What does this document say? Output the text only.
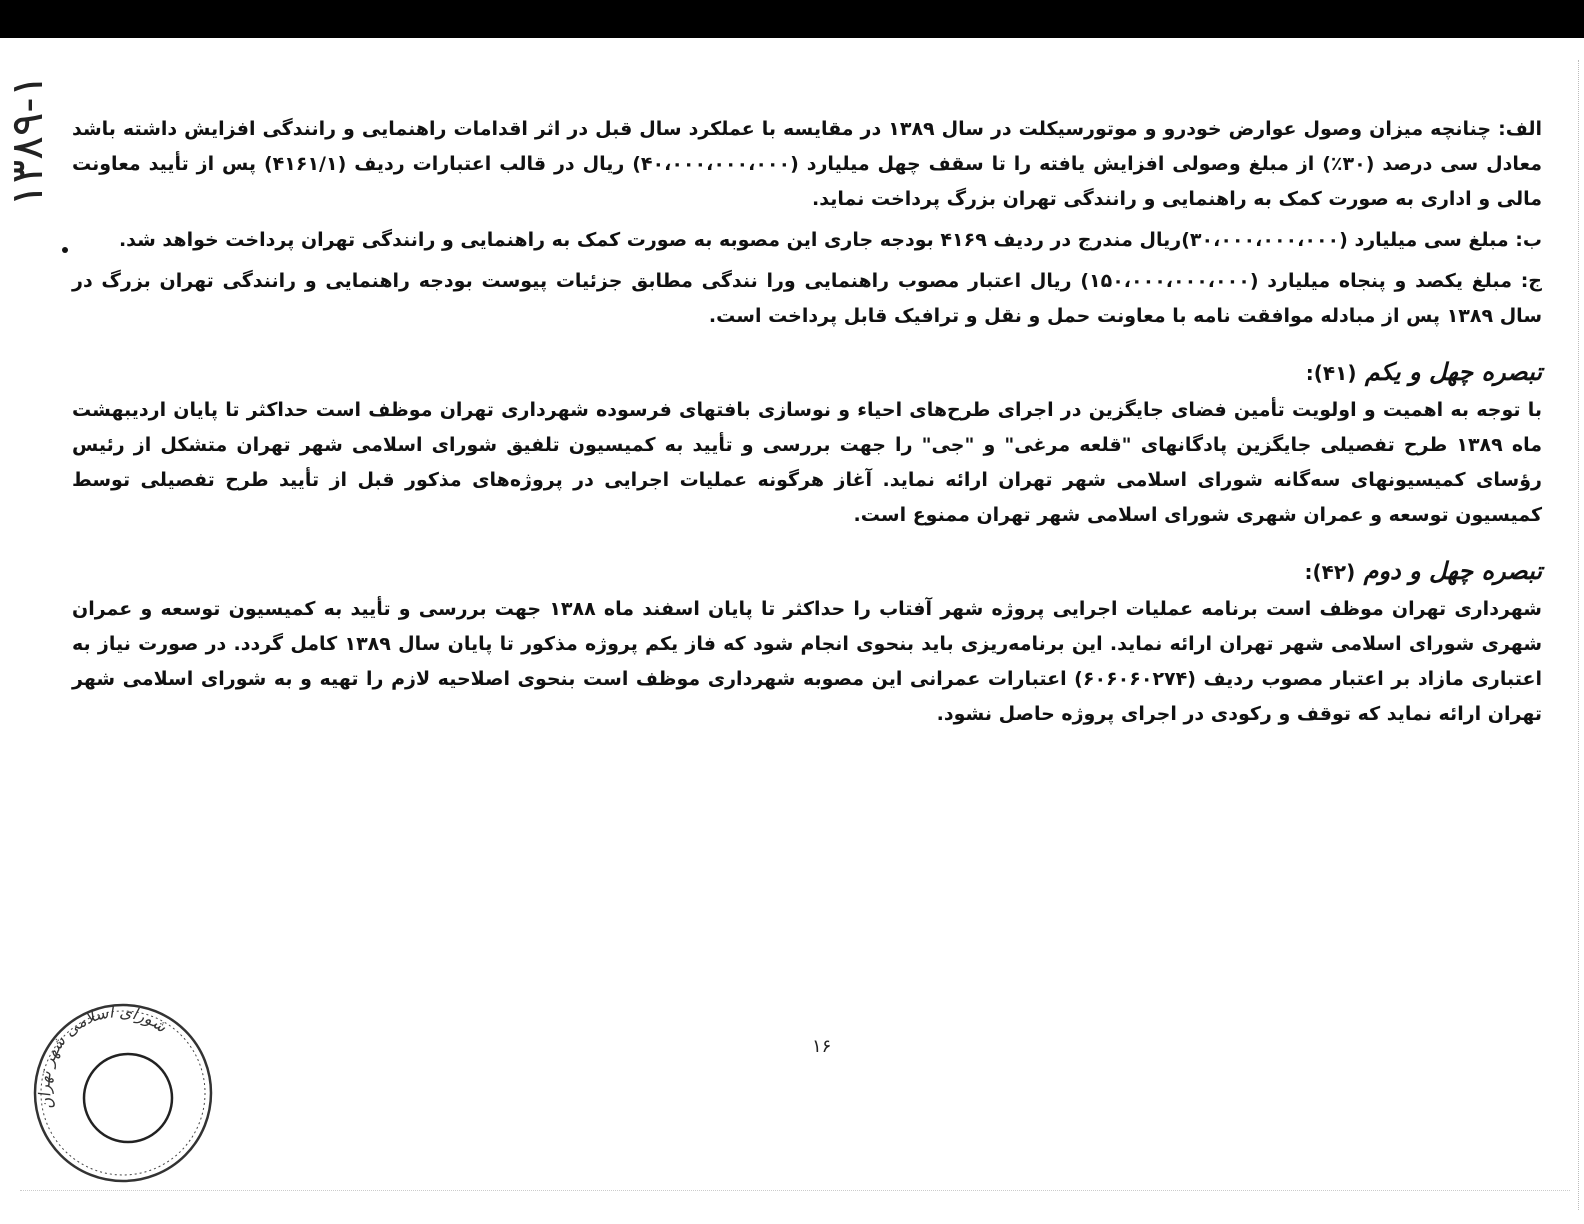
۱۳۸۹-۱	الف: چنانچه میزان وصول عوارض خودرو و موتورسیکلت در سال ۱۳۸۹ در مقایسه با عملکرد سال قبل در اثر اقدامات راهنمایی و رانندگی افزایش داشته باشد معادل سی درصد (۳۰٪) از مبلغ وصولی افزایش یافته را تا سقف چهل میلیارد (۴۰،۰۰۰،۰۰۰،۰۰۰) ریال در قالب اعتبارات ردیف (۴۱۶۱/۱) پس از تأیید معاونت مالی و اداری به صورت کمک به راهنمایی و رانندگی تهران بزرگ پرداخت نماید.

ب: مبلغ سی میلیارد (۳۰،۰۰۰،۰۰۰،۰۰۰)ریال مندرج در ردیف ۴۱۶۹ بودجه جاری این مصوبه به صورت کمک به راهنمایی و رانندگی تهران پرداخت خواهد شد.

ج: مبلغ یکصد و پنجاه میلیارد (۱۵۰،۰۰۰،۰۰۰،۰۰۰) ریال اعتبار مصوب راهنمایی ورا نندگی مطابق جزئیات پیوست بودجه راهنمایی و رانندگی تهران بزرگ در سال ۱۳۸۹ پس از مبادله موافقت نامه با معاونت حمل و نقل و ترافیک قابل پرداخت است.

تبصره چهل و یکم (۴۱):

با توجه به اهمیت و اولویت تأمین فضای جایگزین در اجرای طرح‌های احیاء و نوسازی بافتهای فرسوده شهرداری تهران موظف است حداکثر تا پایان اردیبهشت ماه ۱۳۸۹ طرح تفصیلی جایگزین پادگانهای "قلعه مرغی" و "جی" را جهت بررسی و تأیید به کمیسیون تلفیق شورای اسلامی شهر تهران متشکل از رئیس رؤسای کمیسیونهای سه‌گانه شورای اسلامی شهر تهران ارائه نماید. آغاز هرگونه عملیات اجرایی در پروژه‌های مذکور قبل از تأیید طرح تفصیلی توسط کمیسیون توسعه و عمران شهری شورای اسلامی شهر تهران ممنوع است.

تبصره چهل و دوم (۴۲):

شهرداری تهران موظف است برنامه عملیات اجرایی پروژه شهر آفتاب را حداکثر تا پایان اسفند ماه ۱۳۸۸ جهت بررسی و تأیید به کمیسیون توسعه و عمران شهری شورای اسلامی شهر تهران ارائه نماید. این برنامه‌ریزی باید بنحوی انجام شود که فاز یکم پروژه مذکور تا پایان سال ۱۳۸۹ کامل گردد. در صورت نیاز به اعتباری مازاد بر اعتبار مصوب ردیف (۶۰۶۰۶۰۲۷۴) اعتبارات عمرانی این مصوبه شهرداری موظف است بنحوی اصلاحیه لازم را تهیه و به شورای اسلامی شهر تهران ارائه نماید که توقف و رکودی در اجرای پروژه حاصل نشود.

۱۶
شورای اسلامی شهر تهران
